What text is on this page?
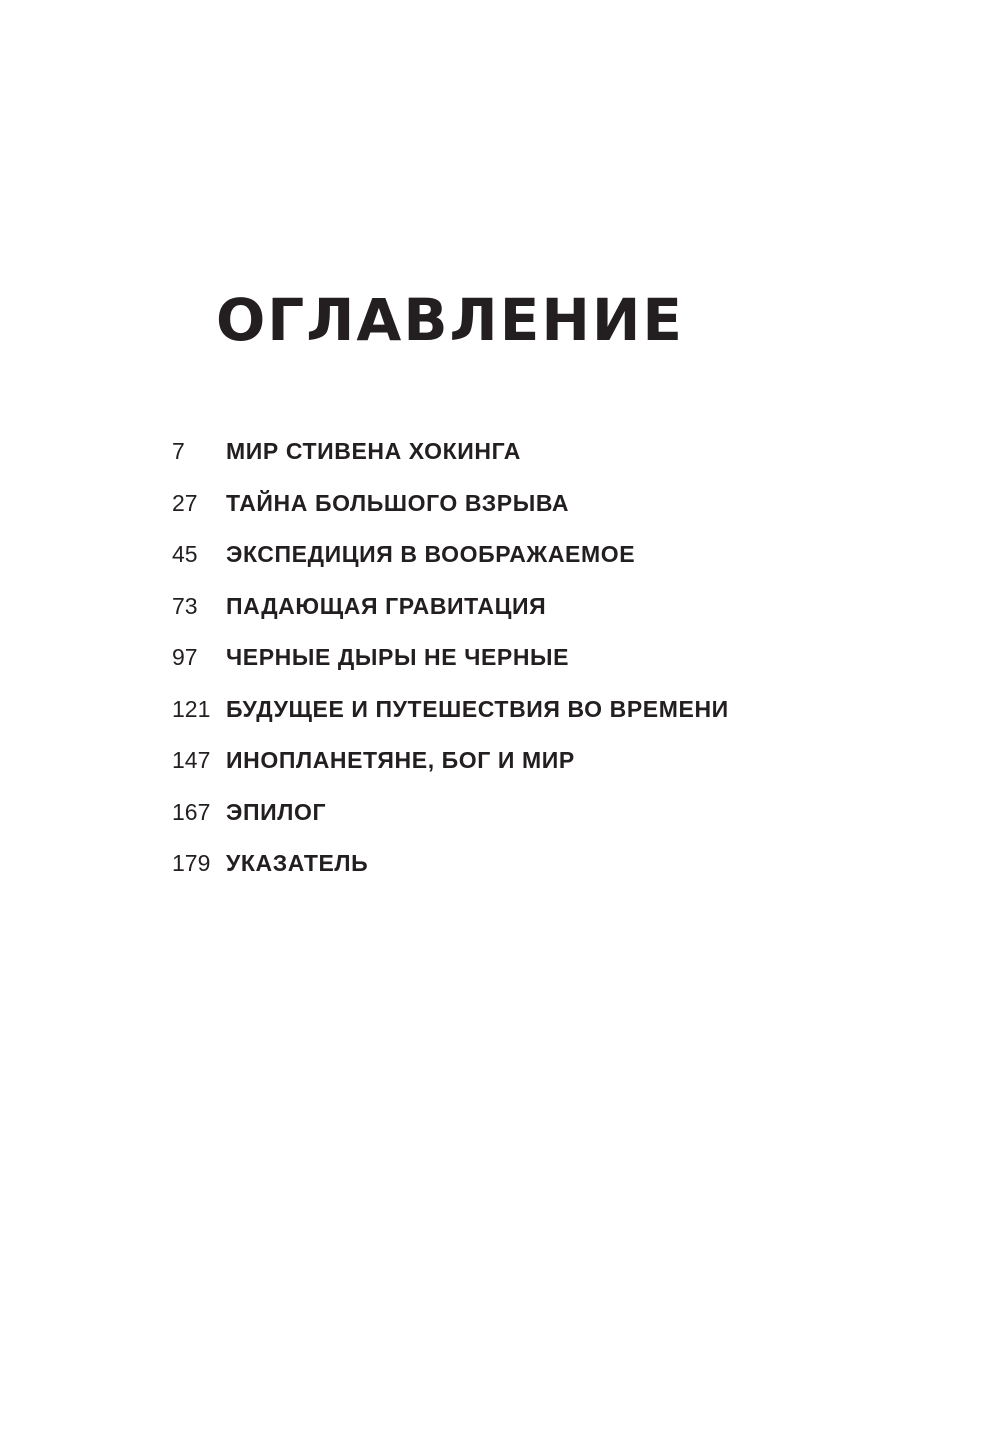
ОГЛАВЛЕНИЕ
7	МИР СТИВЕНА ХОКИНГА
27	ТАЙНА БОЛЬШОГО ВЗРЫВА
45	ЭКСПЕДИЦИЯ В ВООБРАЖАЕМОЕ
73	ПАДАЮЩАЯ ГРАВИТАЦИЯ
97	ЧЕРНЫЕ ДЫРЫ НЕ ЧЕРНЫЕ
121 БУДУЩЕЕ И ПУТЕШЕСТВИЯ ВО ВРЕМЕНИ
147 ИНОПЛАНЕТЯНЕ, БОГ И МИР
167 ЭПИЛОГ
179 УКАЗАТЕЛЬ
